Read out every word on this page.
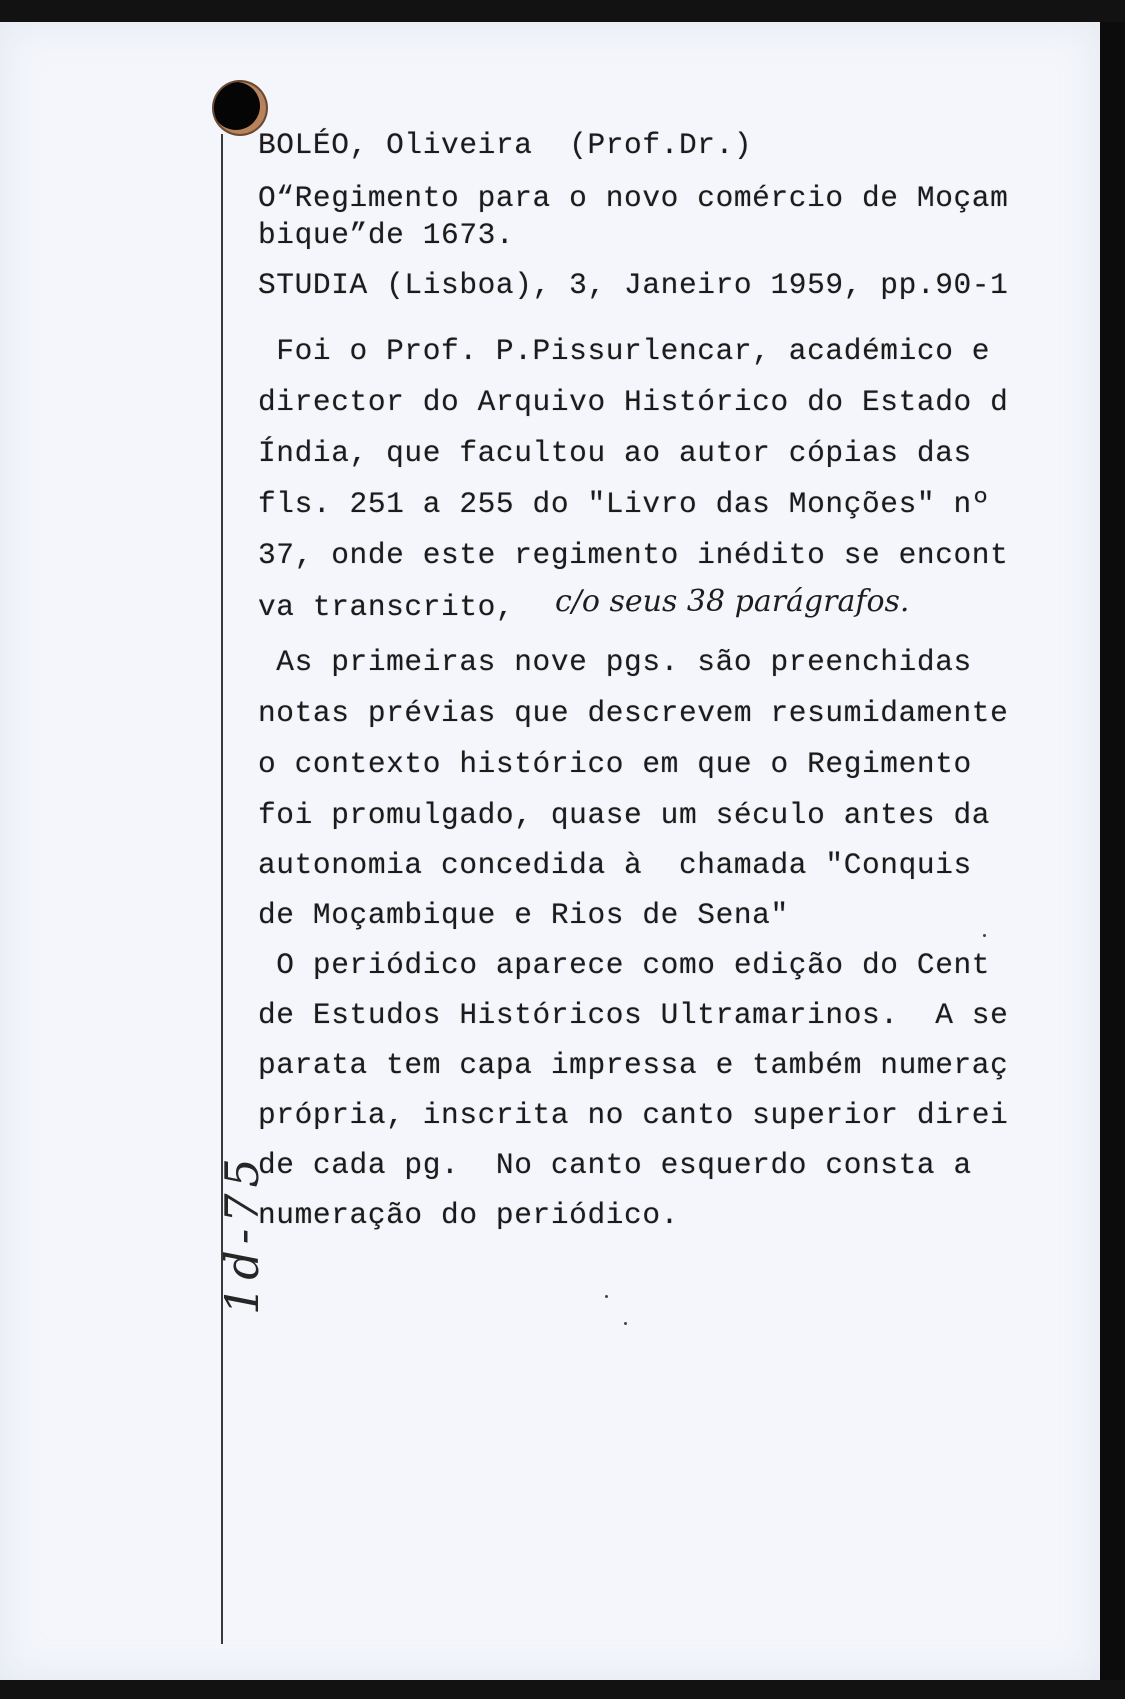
BOLÉO, Oliveira  (Prof.Dr.)
O“Regimento para o novo comércio de Moçam
bique”de 1673.
STUDIA (Lisboa), 3, Janeiro 1959, pp.90-1
Foi o Prof. P.Pissurlencar, académico e
director do Arquivo Histórico do Estado d
Índia, que facultou ao autor cópias das
fls. 251 a 255 do "Livro das Monções" nº
37, onde este regimento inédito se encont
va transcrito, c/o seus 38 parágrafos.
As primeiras nove pgs. são preenchidas
notas prévias que descrevem resumidamente
o contexto histórico em que o Regimento
foi promulgado, quase um século antes da
autonomia concedida à  chamada "Conquis
de Moçambique e Rios de Sena"
O periódico aparece como edição do Cent
de Estudos Históricos Ultramarinos.  A se
parata tem capa impressa e também numeraç
própria, inscrita no canto superior direi
de cada pg.  No canto esquerdo consta a
numeração do periódico.
1d-75
